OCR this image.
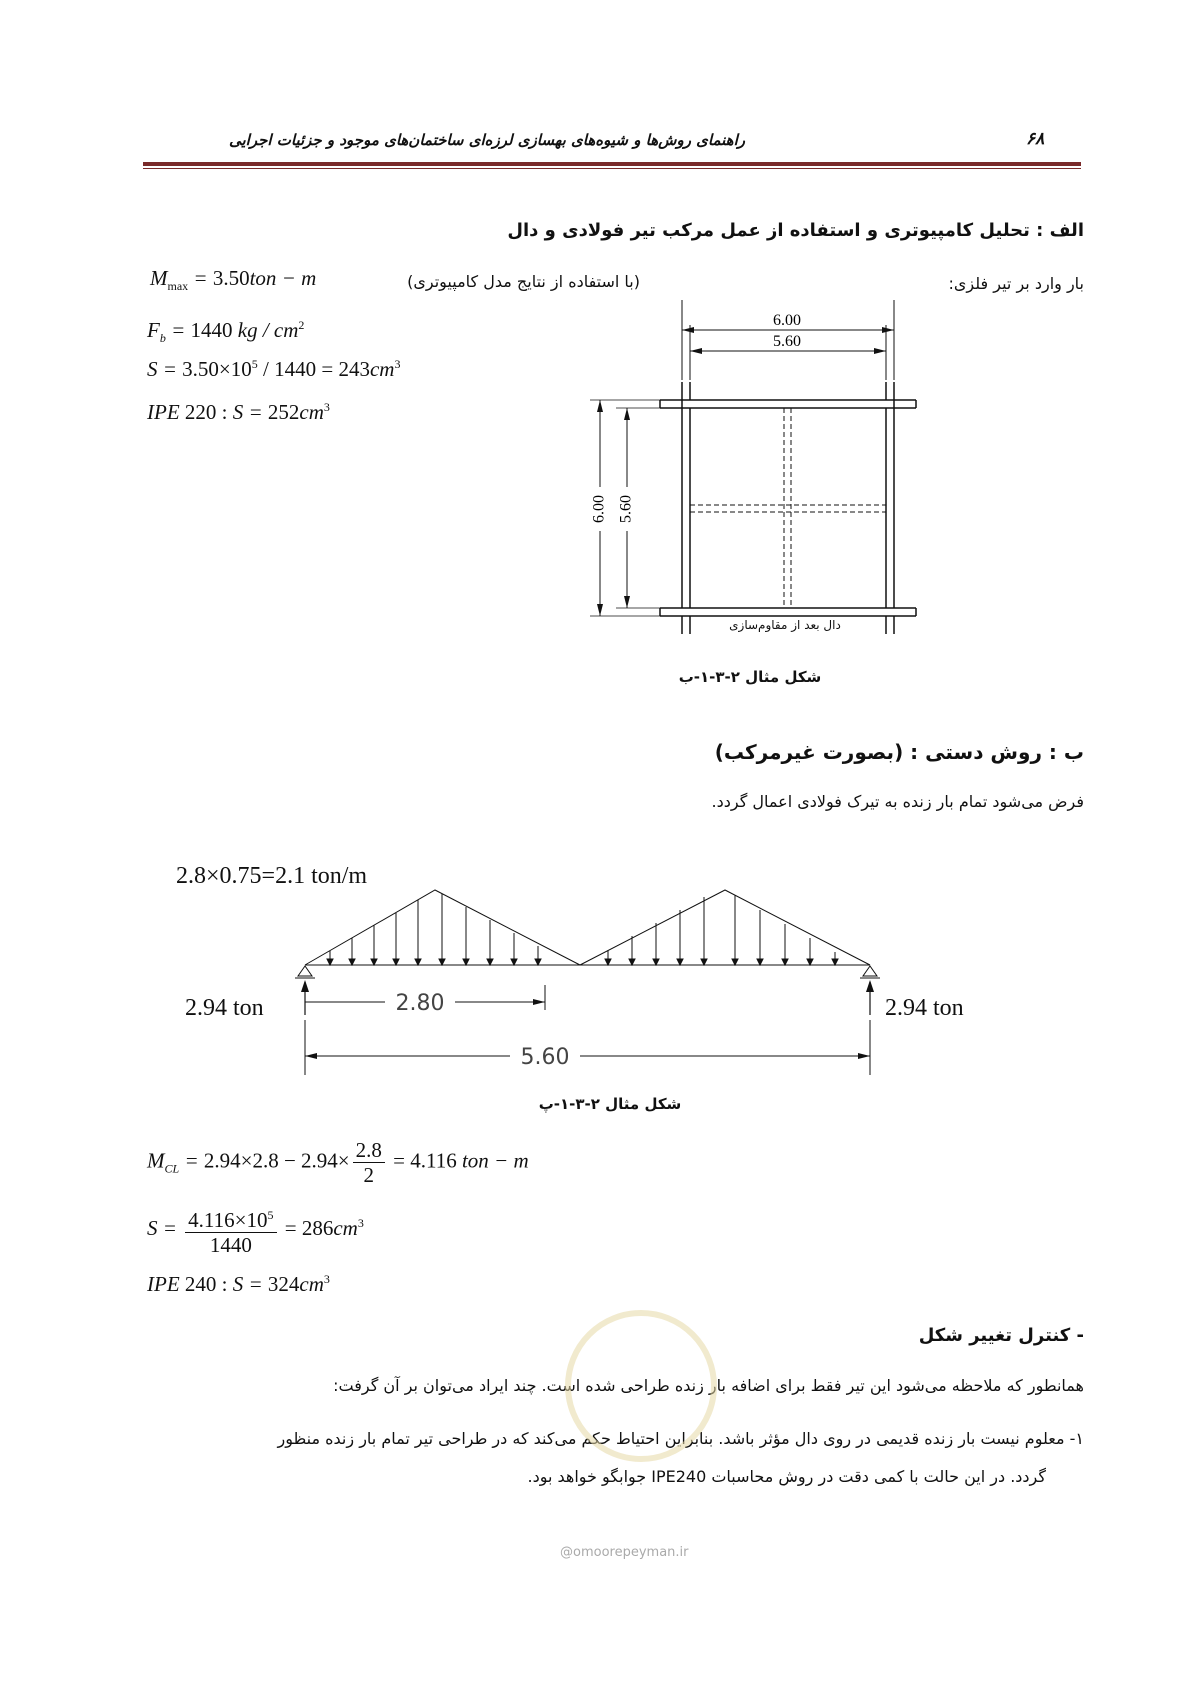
راهنمای روش‌ها و شیوه‌های بهسازی لرزه‌ای ساختمان‌های موجود و جزئیات اجرایی	۶۸
الف : تحلیل کامپیوتری و استفاده از عمل مرکب تیر فولادی و دال
بار وارد بر تیر فلزی:
(با استفاده از نتایج مدل کامپیوتری)
$M_{max} = 3.50ton - m$
$F_b = 1440$ kg / $cm^2$
$S = 3.50\times 10^5 / 1440 = 243cm^3$
IPE 220 : $S = 252cm^3$
6.00
5.60
6.00 5.60
دال بعد از مقاوم‌سازی
شکل مثال ۲-۳-۱-ب
ب : روش دستی : (بصورت غیرمرکب)
فرض می‌شود تمام بار زنده به تیرک فولادی اعمال گردد.
2.8×0.75=2.1 ton/m
2.80
5.60
2.94 ton	2.94 ton
شکل مثال ۲-۳-۱-پ
$M_{CL} = 2.94\times 2.8 - 2.94\times \frac{2.8}{2} = 4.116$ ton − m
$S = \frac{4.116\times 10^5}{1440} = 286cm^3$
IPE 240 : $S = 324cm^3$
- کنترل تغییر شکل
همانطور که ملاحظه می‌شود این تیر فقط برای اضافه بار زنده طراحی شده است. چند ایراد می‌توان بر آن گرفت:
۱- معلوم نیست بار زنده قدیمی در روی دال مؤثر باشد. بنابراین احتیاط حکم می‌کند که در طراحی تیر تمام بار زنده منظور
گردد. در این حالت با کمی دقت در روش محاسبات IPE240 جوابگو خواهد بود.
@omoorepeyman.ir
